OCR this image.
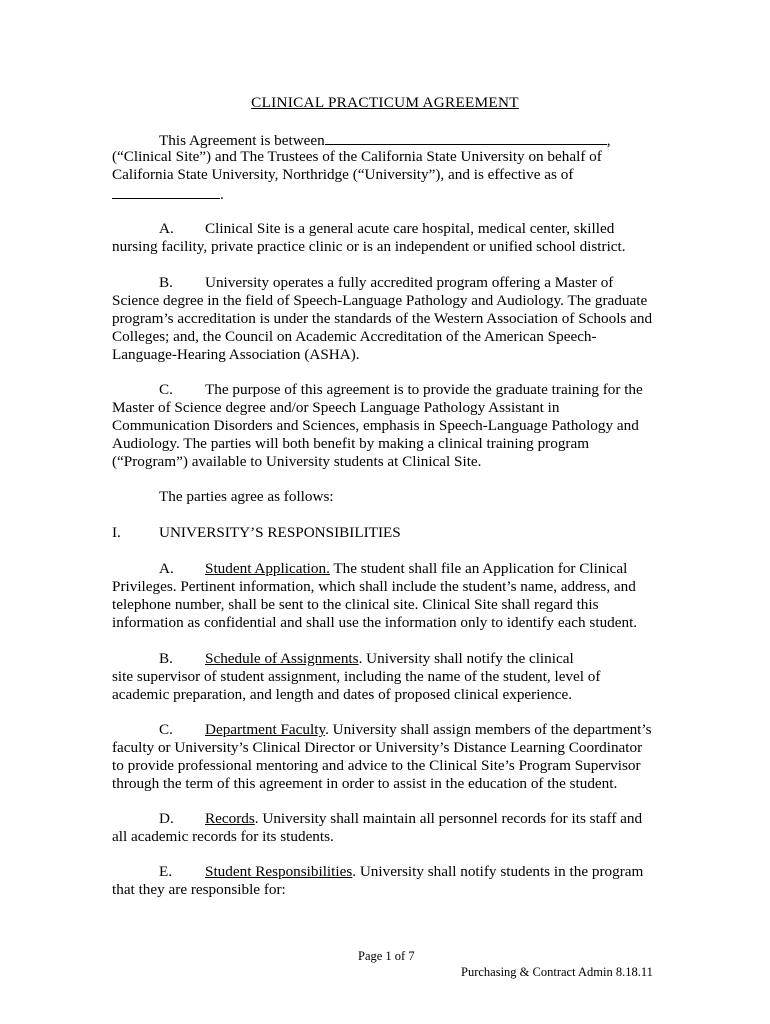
CLINICAL PRACTICUM AGREEMENT
This Agreement is between	,
(“Clinical Site”) and The Trustees of the California State University on behalf of
California State University, Northridge (“University”), and is effective as of
.
A. Clinical Site is a general acute care hospital, medical center, skilled
nursing facility, private practice clinic or is an independent or unified school district.
B. University operates a fully accredited program offering a Master of
Science degree in the field of Speech-Language Pathology and Audiology. The graduate
program’s accreditation is under the standards of the Western Association of Schools and
Colleges; and, the Council on Academic Accreditation of the American Speech-
Language-Hearing Association (ASHA).
C. The purpose of this agreement is to provide the graduate training for the
Master of Science degree and/or Speech Language Pathology Assistant in
Communication Disorders and Sciences, emphasis in Speech-Language Pathology and
Audiology. The parties will both benefit by making a clinical training program
(“Program”) available to University students at Clinical Site.
The parties agree as follows:
I.	UNIVERSITY’S RESPONSIBILITIES
A. Student Application. The student shall file an Application for Clinical
Privileges. Pertinent information, which shall include the student’s name, address, and
telephone number, shall be sent to the clinical site. Clinical Site shall regard this
information as confidential and shall use the information only to identify each student.
B. Schedule of Assignments. University shall notify the clinical
site supervisor of student assignment, including the name of the student, level of
academic preparation, and length and dates of proposed clinical experience.
C. Department Faculty. University shall assign members of the department’s
faculty or University’s Clinical Director or University’s Distance Learning Coordinator
to provide professional mentoring and advice to the Clinical Site’s Program Supervisor
through the term of this agreement in order to assist in the education of the student.
D. Records. University shall maintain all personnel records for its staff and
all academic records for its students.
E. Student Responsibilities. University shall notify students in the program
that they are responsible for:
Page 1 of 7
Purchasing & Contract Admin 8.18.11
